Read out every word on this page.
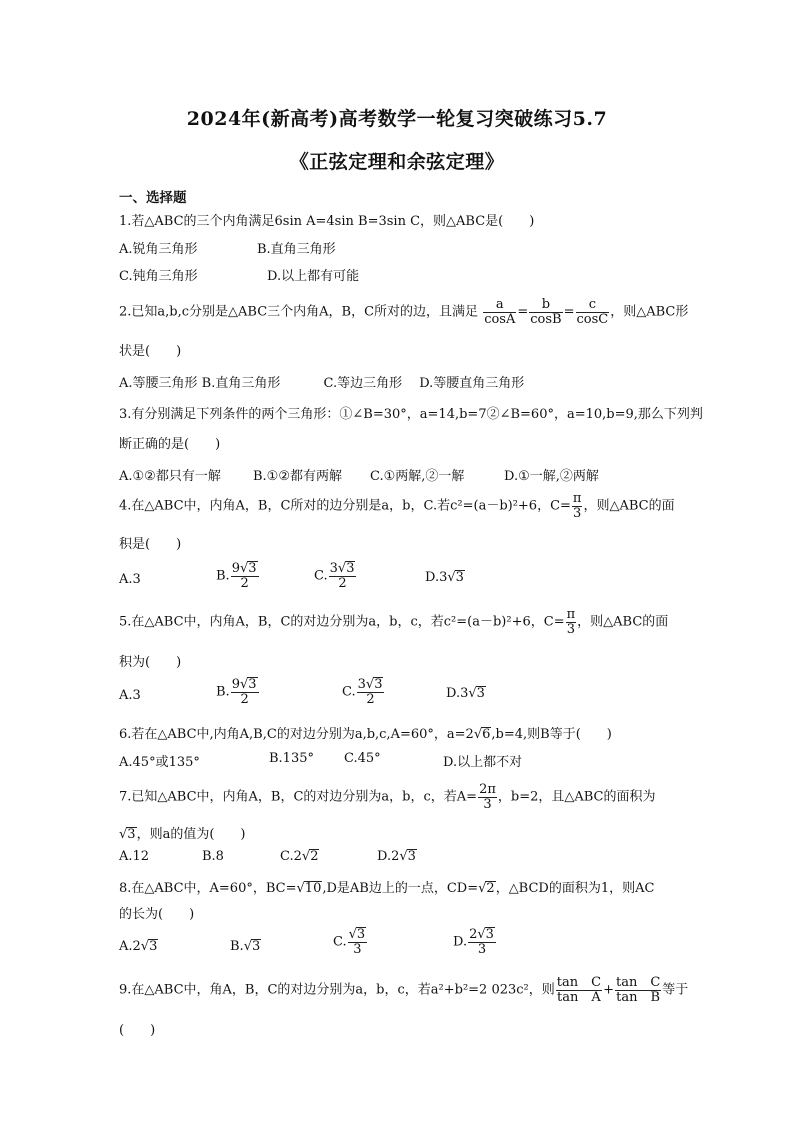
2024年(新高考)高考数学一轮复习突破练习5.7
《正弦定理和余弦定理》
一、选择题
1.若△ABC的三个内角满足6sin A=4sin B=3sin C，则△ABC是(　　)
A.锐角三角形	B.直角三角形
C.钝角三角形	D.以上都有可能
2.已知a,b,c分别是△ABC三个内角A，B，C所对的边，且满足 $\frac{a}{\cos A} = \frac{b}{\cos B} = \frac{c}{\cos C}$ ，则△ABC形
状是(　　)
A.等腰三角形 B.直角三角形　　　 C.等边三角形　 D.等腰直角三角形
3.有分别满足下列条件的两个三角形：①∠B=30°，a=14,b=7②∠B=60°，a=10,b=9,那么下列判
断正确的是(　　)
A.①②都只有一解 B.①②都有两解 C.①两解,②一解	D.①一解,②两解
4.在△ABC中，内角A，B，C所对的边分别是a，b，C.若c²=(a－b)²+6，$C= \frac{\pi}{3}$ ，则△ABC的面
积是(　　)
A.3	B. $\frac{9√3}{2}$	C. $\frac{3√3}{2}$	D.3√3
5.在△ABC中，内角A，B，C的对边分别为a，b，c，若c²=(a－b)²+6，$C= \frac{\pi}{3}$ ，则△ABC的面
积为(　　)
A.3	B. $\frac{9√3}{2}$	C. $\frac{3√3}{2}$	D.3√3
6.若在△ABC中,内角A,B,C的对边分别为a,b,c,A=60°，a=2√6,b=4,则B等于(　　)
A.45°或135°	B.135° C.45°	D.以上都不对
7.已知△ABC中，内角A，B，C的对边分别为a，b，c，若$A= \frac{2\pi}{3}$ ，b=2，且△ABC的面积为
√3，则a的值为(　　)
A.12	B.8	C.2√2	D.2√3
8.在△ABC中，A=60°，BC=√10,D是AB边上的一点，CD=√2，△BCD的面积为1，则AC
的长为(　　)
A.2√3	B.√3	C. $\frac{√3}{3}$	D. $\frac{2√3}{3}$
9.在△ABC中，角A，B，C的对边分别为a，b，c，若a²+b²=2 023c²，则 $\frac{\text{tan　C}}{\text{tan　A}} + \frac{\text{tan　C}}{\text{tan　B}}$ 等于
(　　)
